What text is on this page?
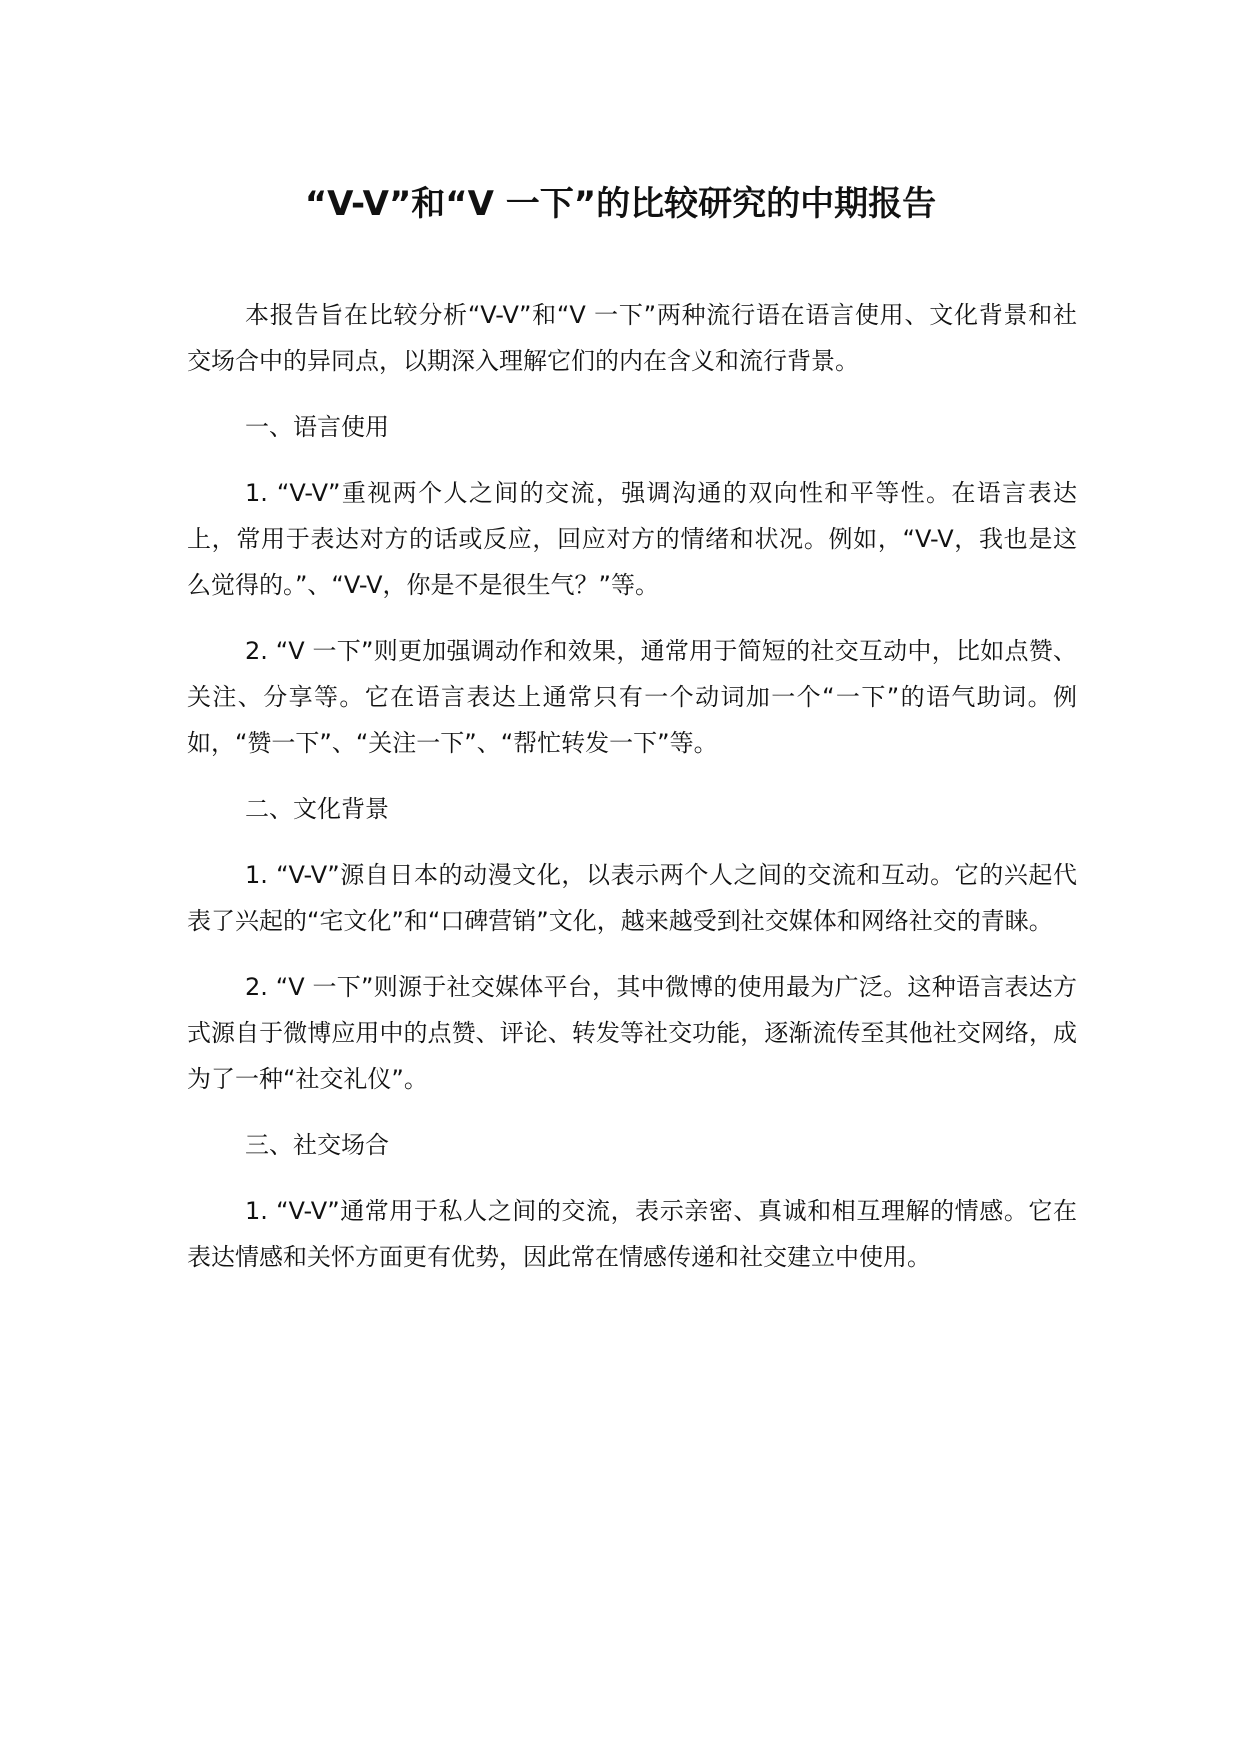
“V-V”和“V 一下”的比较研究的中期报告

本报告旨在比较分析“V-V”和“V 一下”两种流行语在语言使用、文化背景和社交场合中的异同点，以期深入理解它们的内在含义和流行背景。

一、语言使用

1. “V-V”重视两个人之间的交流，强调沟通的双向性和平等性。在语言表达上，常用于表达对方的话或反应，回应对方的情绪和状况。例如，“V-V，我也是这么觉得的。”、“V-V，你是不是很生气？”等。

2. “V 一下”则更加强调动作和效果，通常用于简短的社交互动中，比如点赞、关注、分享等。它在语言表达上通常只有一个动词加一个“一下”的语气助词。例如，“赞一下”、“关注一下”、“帮忙转发一下”等。

二、文化背景

1. “V-V”源自日本的动漫文化，以表示两个人之间的交流和互动。它的兴起代表了兴起的“宅文化”和“口碑营销”文化，越来越受到社交媒体和网络社交的青睐。

2. “V 一下”则源于社交媒体平台，其中微博的使用最为广泛。这种语言表达方式源自于微博应用中的点赞、评论、转发等社交功能，逐渐流传至其他社交网络，成为了一种“社交礼仪”。

三、社交场合

1. “V-V”通常用于私人之间的交流，表示亲密、真诚和相互理解的情感。它在表达情感和关怀方面更有优势，因此常在情感传递和社交建立中使用。
